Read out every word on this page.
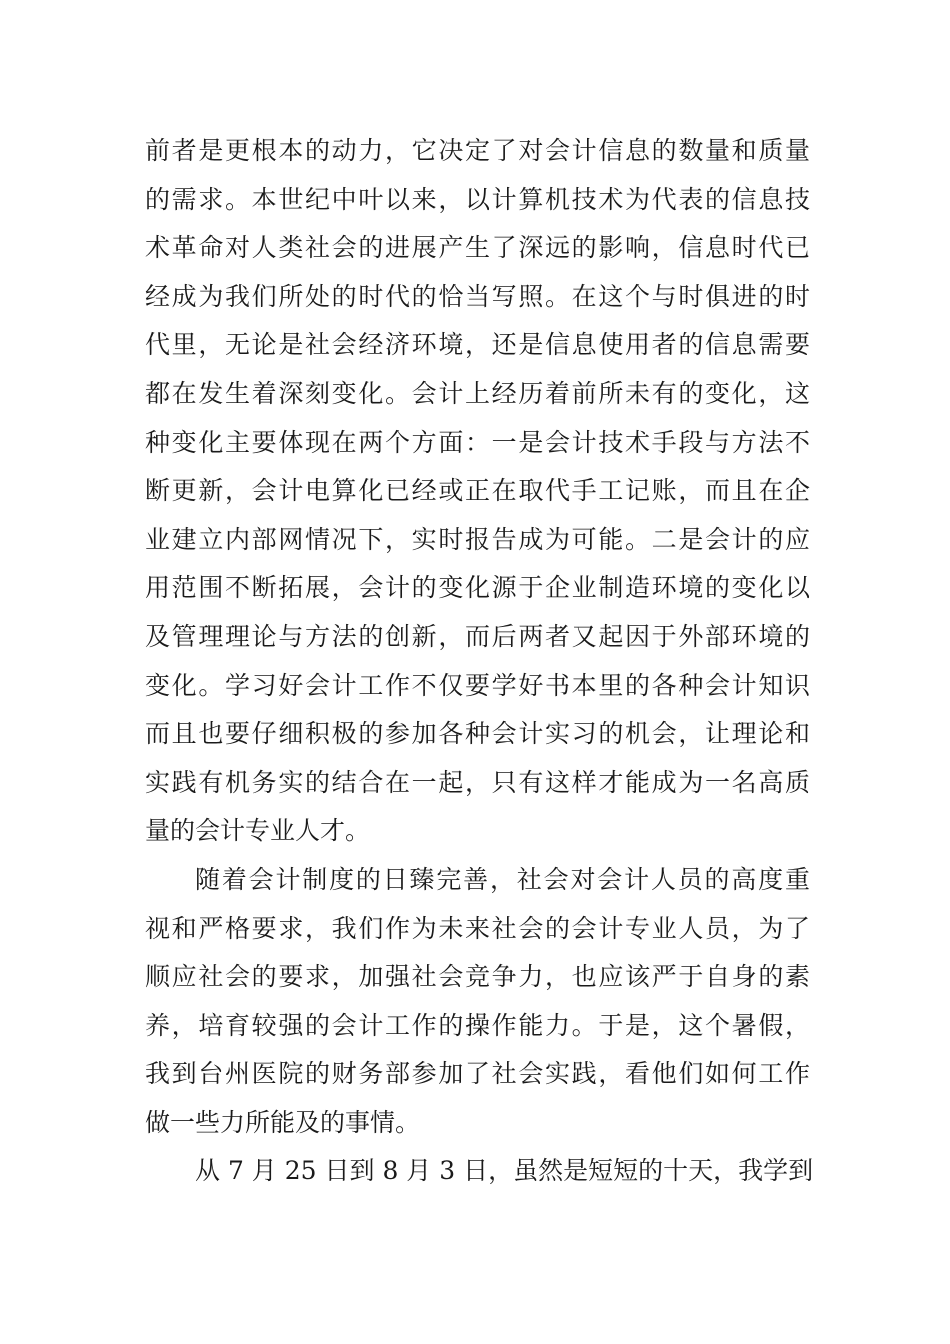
前者是更根本的动力，它决定了对会计信息的数量和质量
的需求。本世纪中叶以来，以计算机技术为代表的信息技
术革命对人类社会的进展产生了深远的影响，信息时代已
经成为我们所处的时代的恰当写照。在这个与时俱进的时
代里，无论是社会经济环境，还是信息使用者的信息需要
都在发生着深刻变化。会计上经历着前所未有的变化，这
种变化主要体现在两个方面：一是会计技术手段与方法不
断更新，会计电算化已经或正在取代手工记账，而且在企
业建立内部网情况下，实时报告成为可能。二是会计的应
用范围不断拓展，会计的变化源于企业制造环境的变化以
及管理理论与方法的创新，而后两者又起因于外部环境的
变化。学习好会计工作不仅要学好书本里的各种会计知识
而且也要仔细积极的参加各种会计实习的机会，让理论和
实践有机务实的结合在一起，只有这样才能成为一名高质
量的会计专业人才。
随着会计制度的日臻完善，社会对会计人员的高度重
视和严格要求，我们作为未来社会的会计专业人员，为了
顺应社会的要求，加强社会竞争力，也应该严于自身的素
养，培育较强的会计工作的操作能力。于是，这个暑假，
我到台州医院的财务部参加了社会实践，看他们如何工作
做一些力所能及的事情。
从 7 月 25 日到 8 月 3 日，虽然是短短的十天，我学到
